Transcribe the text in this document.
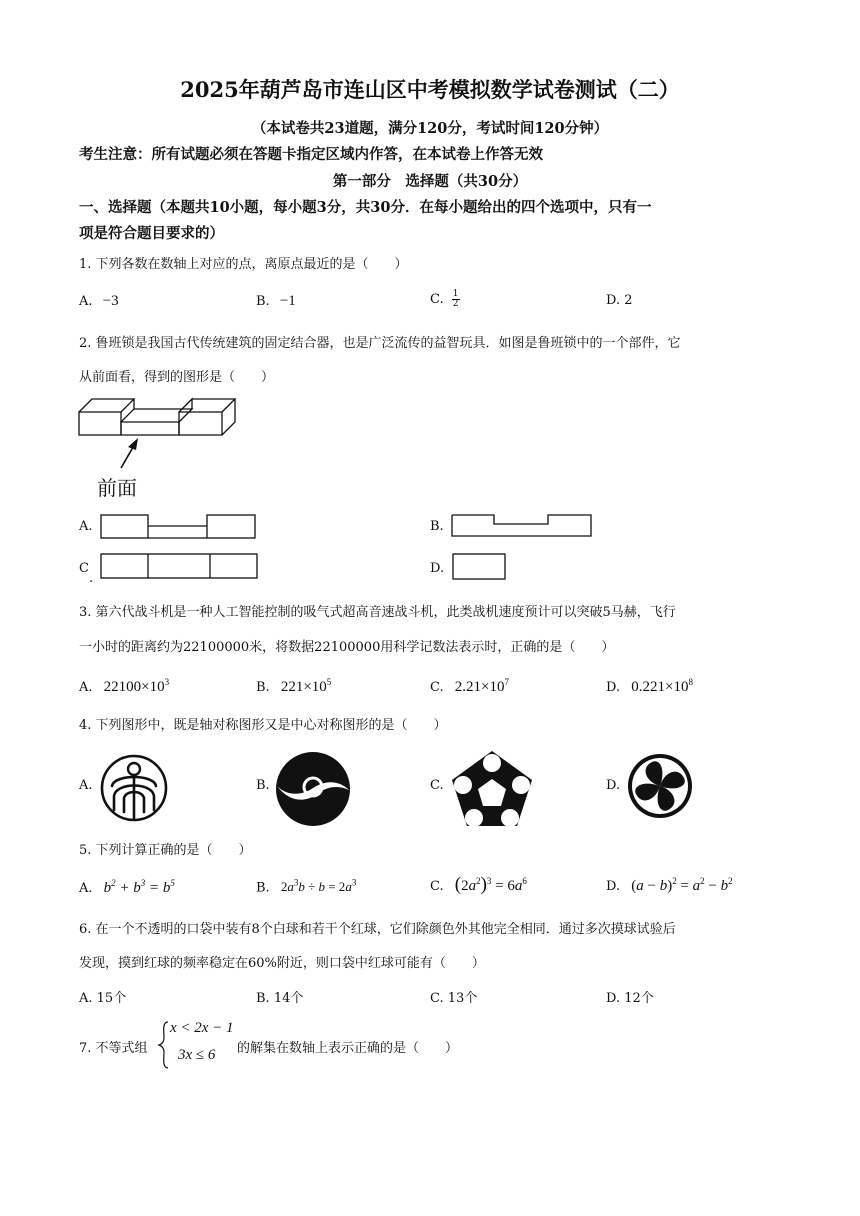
2025年葫芦岛市连山区中考模拟数学试卷测试（二）
（本试卷共23道题，满分120分，考试时间120分钟）
考生注意：所有试题必须在答题卡指定区域内作答，在本试卷上作答无效
第一部分　选择题（共30分）
一、选择题（本题共10小题，每小题3分，共30分．在每小题给出的四个选项中，只有一
项是符合题目要求的）
1. 下列各数在数轴上对应的点，离原点最近的是（　　）
A. −3	B. −1	C. $\frac{1}{2}$	D. 2
2. 鲁班锁是我国古代传统建筑的固定结合器，也是广泛流传的益智玩具．如图是鲁班锁中的一个部件，它
从前面看，得到的图形是（　　）
前面
A.	B.
C
.
D.
3. 第六代战斗机是一种人工智能控制的吸气式超高音速战斗机，此类战机速度预计可以突破5马赫，飞行
一小时的距离约为22100000米，将数据22100000用科学记数法表示时，正确的是（　　）
A. $22100\times 10^3$	B. $221\times 10^5$	C. $2.21\times 10^7$	D. $0.221\times 10^8$
4. 下列图形中，既是轴对称图形又是中心对称图形的是（　　）
A.	B.	C.	D.
5. 下列计算正确的是（　　）
A. $b^2 + b^3 = b^5$	B. $2a^3b \div b = 2a^3$	C. $(2a^2)^3 = 6a^6$	D. $(a - b)^2 = a^2 - b^2$
6. 在一个不透明的口袋中装有8个白球和若干个红球，它们除颜色外其他完全相同．通过多次摸球试验后
发现，摸到红球的频率稳定在60%附近，则口袋中红球可能有（　　）
A. 15个	B. 14个	C. 13个	D. 12个
7. 不等式组
x < 2x − 1
3x ≤ 6 的解集在数轴上表示正确的是（　　）
